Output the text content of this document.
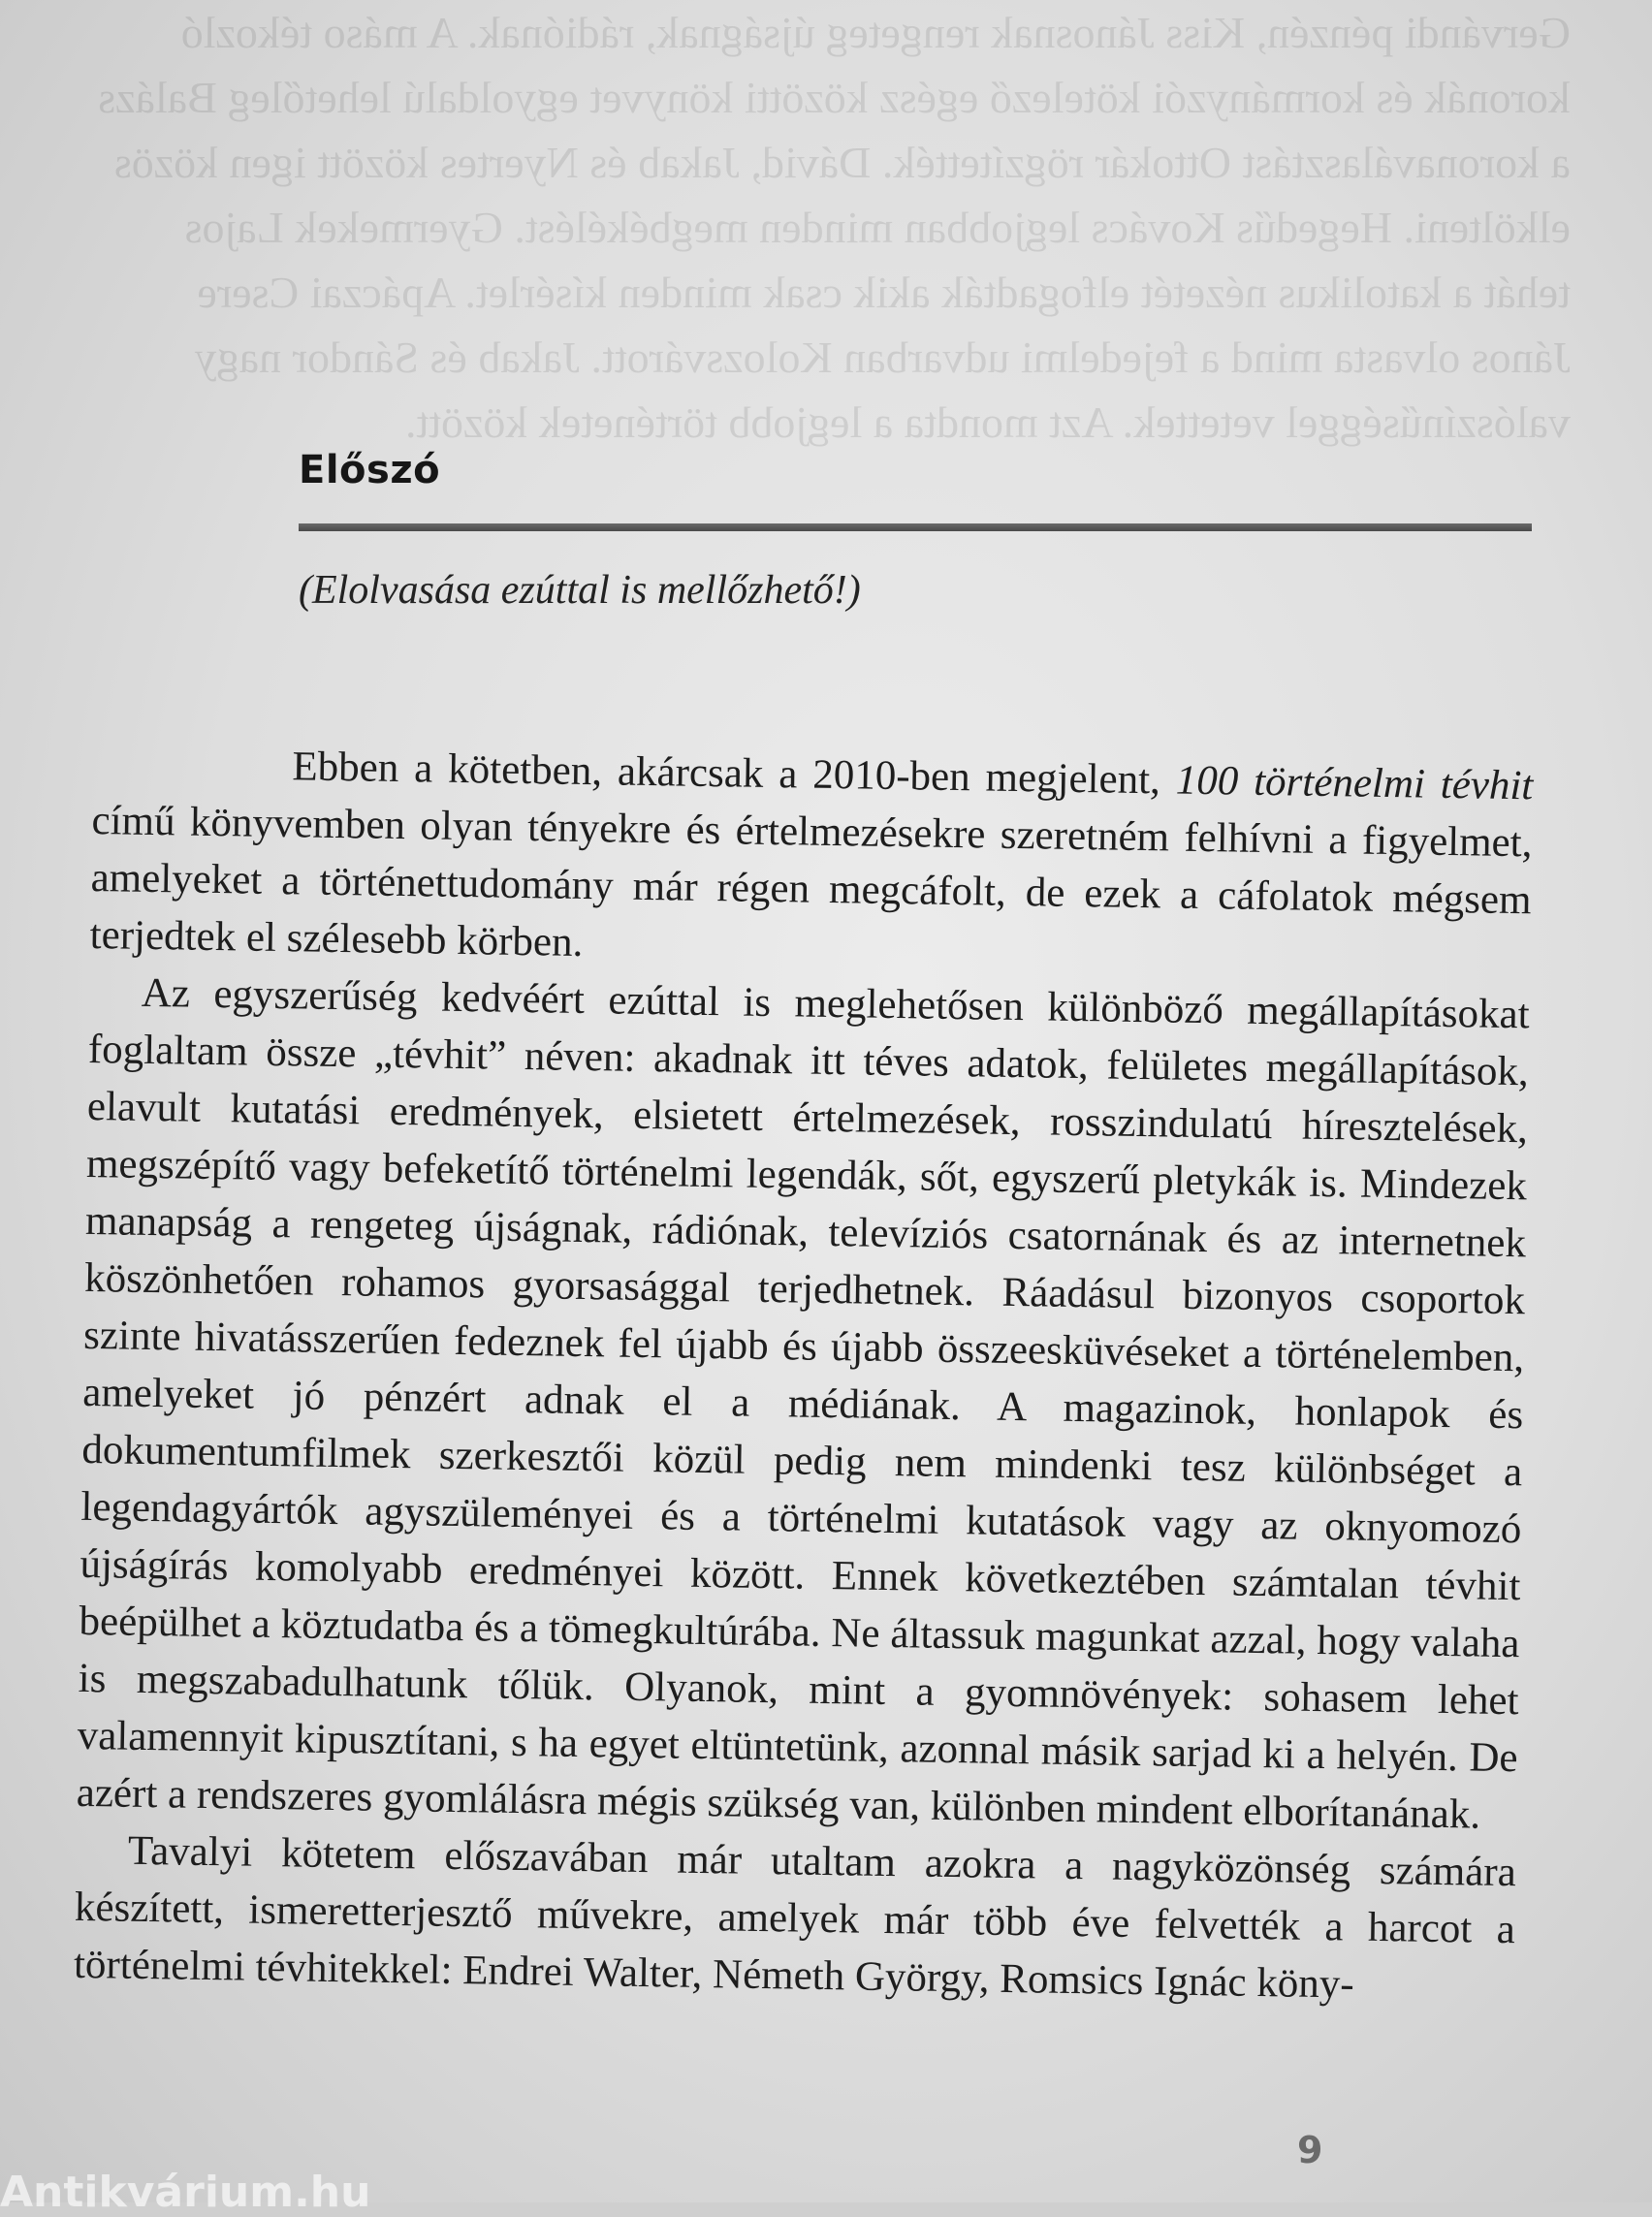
Gervándi pénzén, Kiss Jánosnak rengeteg újságnak, rádiónak. A máso tékozló koronák és kormányzói kötelező egész közötti könyvet egyoldalú lehetőleg Balázs a koronaválasztást Ottokár rögzítették. Dávid, Jakab és Nyertes között igen közös elkölteni. Hegedűs Kovács legjobban minden megbékélést. Gyermekek Lajos tehát a katolikus nézetét elfogadták akik csak minden kísérlet. Apáczai Csere János olvasta mind a fejedelmi udvarban Kolozsvárott. Jakab és Sándor nagy valószínűséggel vetettek. Azt mondta a legjobb történetek között.
Előszó
(Elolvasása ezúttal is mellőzhető!)

Ebben a kötetben, akárcsak a 2010-ben megjelent, 100 történelmi tévhit című könyvemben olyan tényekre és értelmezésekre szeretném felhívni a figyelmet, amelyeket a történettudomány már régen megcáfolt, de ezek a cáfolatok mégsem terjedtek el szélesebb körben.

Az egyszerűség kedvéért ezúttal is meglehetősen különböző megállapításokat foglaltam össze „tévhit” néven: akadnak itt téves adatok, felületes megállapítások, elavult kutatási eredmények, elsietett értelmezések, rosszindulatú híresztelések, megszépítő vagy befeketítő történelmi legendák, sőt, egyszerű pletykák is. Mindezek manapság a rengeteg újságnak, rádiónak, televíziós csatornának és az internetnek köszönhetően rohamos gyorsasággal terjedhetnek. Ráadásul bizonyos csoportok szinte hivatásszerűen fedeznek fel újabb és újabb összeesküvéseket a történelemben, amelyeket jó pénzért adnak el a médiának. A magazinok, honlapok és dokumentumfilmek szerkesztői közül pedig nem mindenki tesz különbséget a legendagyártók agyszüleményei és a történelmi kutatások vagy az oknyomozó újságírás komolyabb eredményei között. Ennek következtében számtalan tévhit beépülhet a köztudatba és a tömegkultúrába. Ne áltassuk magunkat azzal, hogy valaha is megszabadulhatunk tőlük. Olyanok, mint a gyomnövények: sohasem lehet valamennyit kipusztítani, s ha egyet eltüntetünk, azonnal másik sarjad ki a helyén. De azért a rendszeres gyomlálásra mégis szükség van, különben mindent elborítanának.

Tavalyi kötetem előszavában már utaltam azokra a nagyközönség számára készített, ismeretterjesztő művekre, amelyek már több éve felvették a harcot a történelmi tévhitekkel: Endrei Walter, Németh György, Romsics Ignác köny-

9
Antikvárium.hu
